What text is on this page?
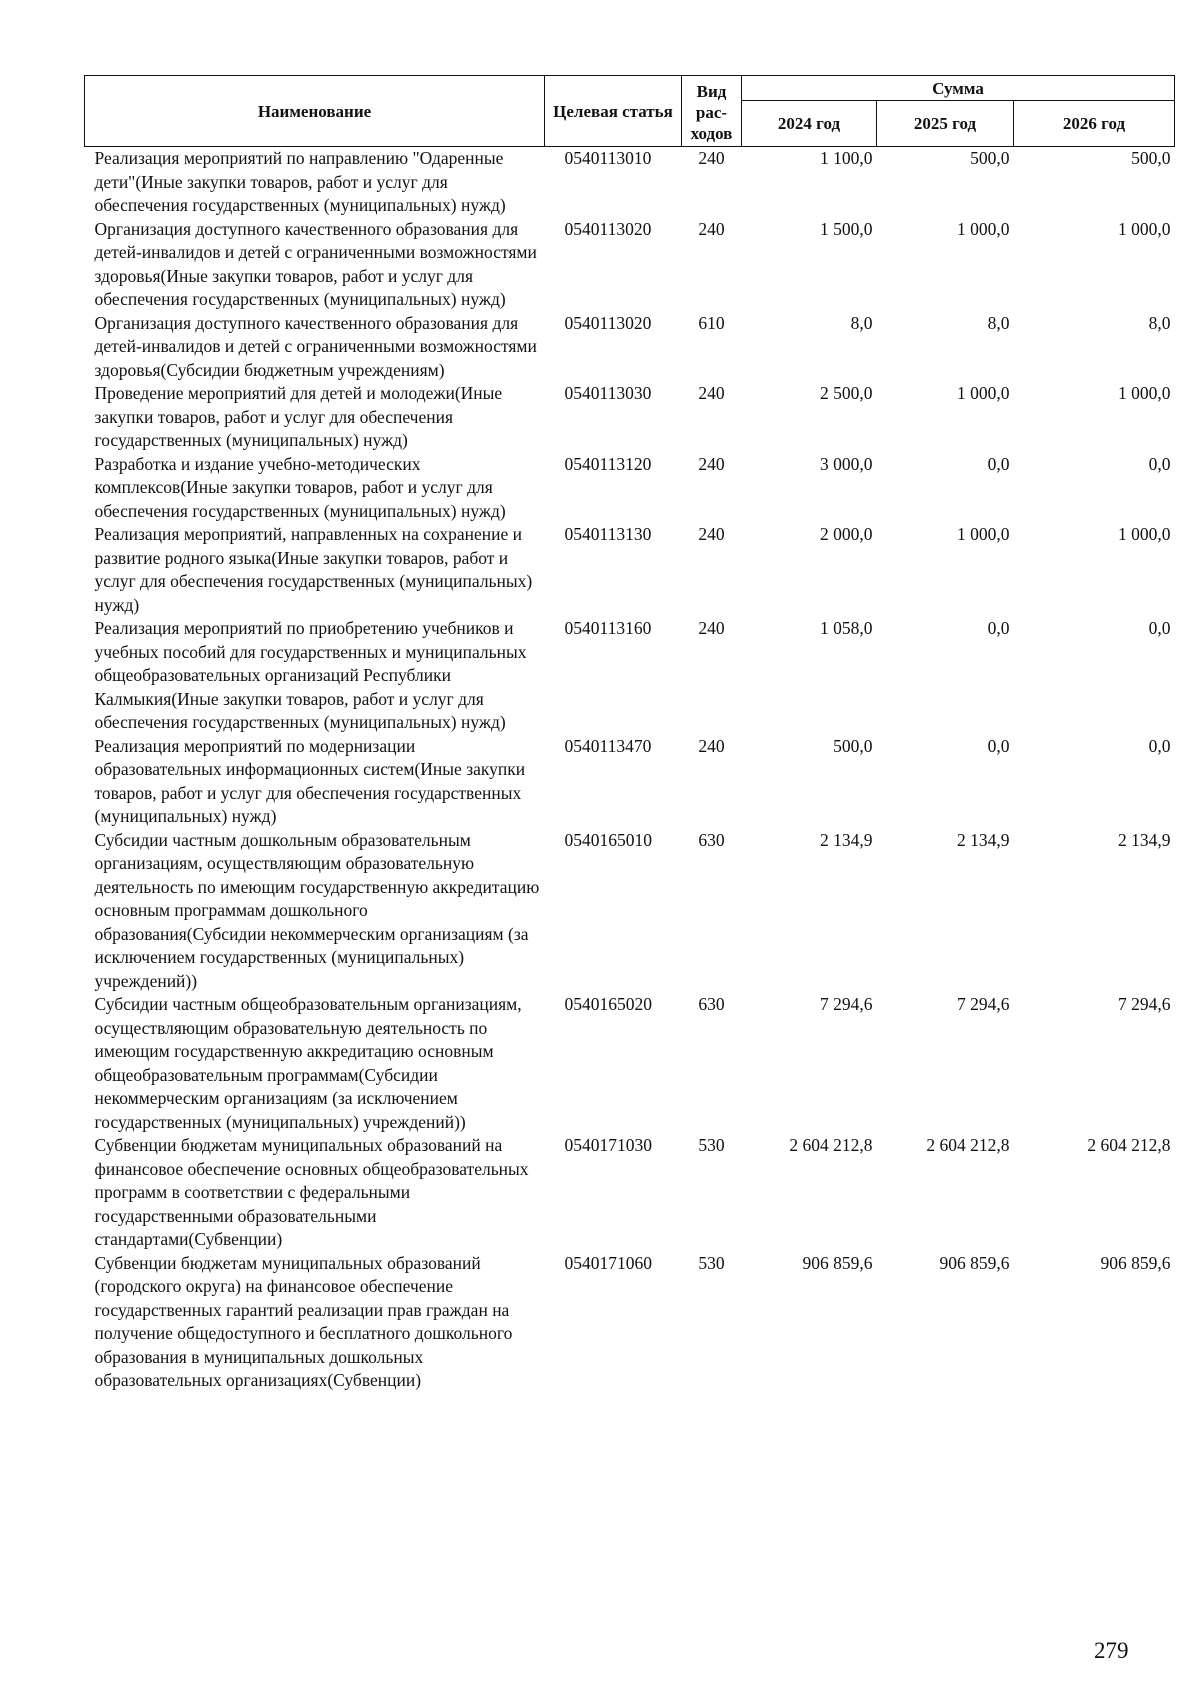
Наименование	Целевая статья	Вид рас-ходов	Сумма		
			2024 год	2025 год	2026 год
Реализация мероприятий по направлению "Одаренные дети"(Иные закупки товаров, работ и услуг для обеспечения государственных (муниципальных) нужд)	0540113010	240	1 100,0	500,0	500,0
Организация доступного качественного образования для детей-инвалидов и детей с ограниченными возможностями здоровья(Иные закупки товаров, работ и услуг для обеспечения государственных (муниципальных) нужд)	0540113020	240	1 500,0	1 000,0	1 000,0
Организация доступного качественного образования для детей-инвалидов и детей с ограниченными возможностями здоровья(Субсидии бюджетным учреждениям)	0540113020	610	8,0	8,0	8,0
Проведение мероприятий для детей и молодежи(Иные закупки товаров, работ и услуг для обеспечения государственных (муниципальных) нужд)	0540113030	240	2 500,0	1 000,0	1 000,0
Разработка и издание учебно-методических комплексов(Иные закупки товаров, работ и услуг для обеспечения государственных (муниципальных) нужд)	0540113120	240	3 000,0	0,0	0,0
Реализация мероприятий, направленных на сохранение и развитие родного языка(Иные закупки товаров, работ и услуг для обеспечения государственных (муниципальных) нужд)	0540113130	240	2 000,0	1 000,0	1 000,0
Реализация мероприятий по приобретению учебников и учебных пособий для государственных и муниципальных общеобразовательных организаций Республики Калмыкия(Иные закупки товаров, работ и услуг для обеспечения государственных (муниципальных) нужд)	0540113160	240	1 058,0	0,0	0,0
Реализация мероприятий по модернизации образовательных информационных систем(Иные закупки товаров, работ и услуг для обеспечения государственных (муниципальных) нужд)	0540113470	240	500,0	0,0	0,0
Субсидии частным дошкольным образовательным организациям, осуществляющим образовательную деятельность по имеющим государственную аккредитацию основным программам дошкольного образования(Субсидии некоммерческим организациям (за исключением государственных (муниципальных) учреждений))	0540165010	630	2 134,9	2 134,9	2 134,9
Субсидии частным общеобразовательным организациям, осуществляющим образовательную деятельность по имеющим государственную аккредитацию основным общеобразовательным программам(Субсидии некоммерческим организациям (за исключением государственных (муниципальных) учреждений))	0540165020	630	7 294,6	7 294,6	7 294,6
Субвенции бюджетам муниципальных образований на финансовое обеспечение основных общеобразовательных программ в соответствии с федеральными государственными образовательными стандартами(Субвенции)	0540171030	530	2 604 212,8	2 604 212,8	2 604 212,8
Субвенции бюджетам муниципальных образований (городского округа) на финансовое обеспечение государственных гарантий реализации прав граждан на получение общедоступного и бесплатного дошкольного образования в муниципальных дошкольных образовательных организациях(Субвенции)	0540171060	530	906 859,6	906 859,6	906 859,6
279
